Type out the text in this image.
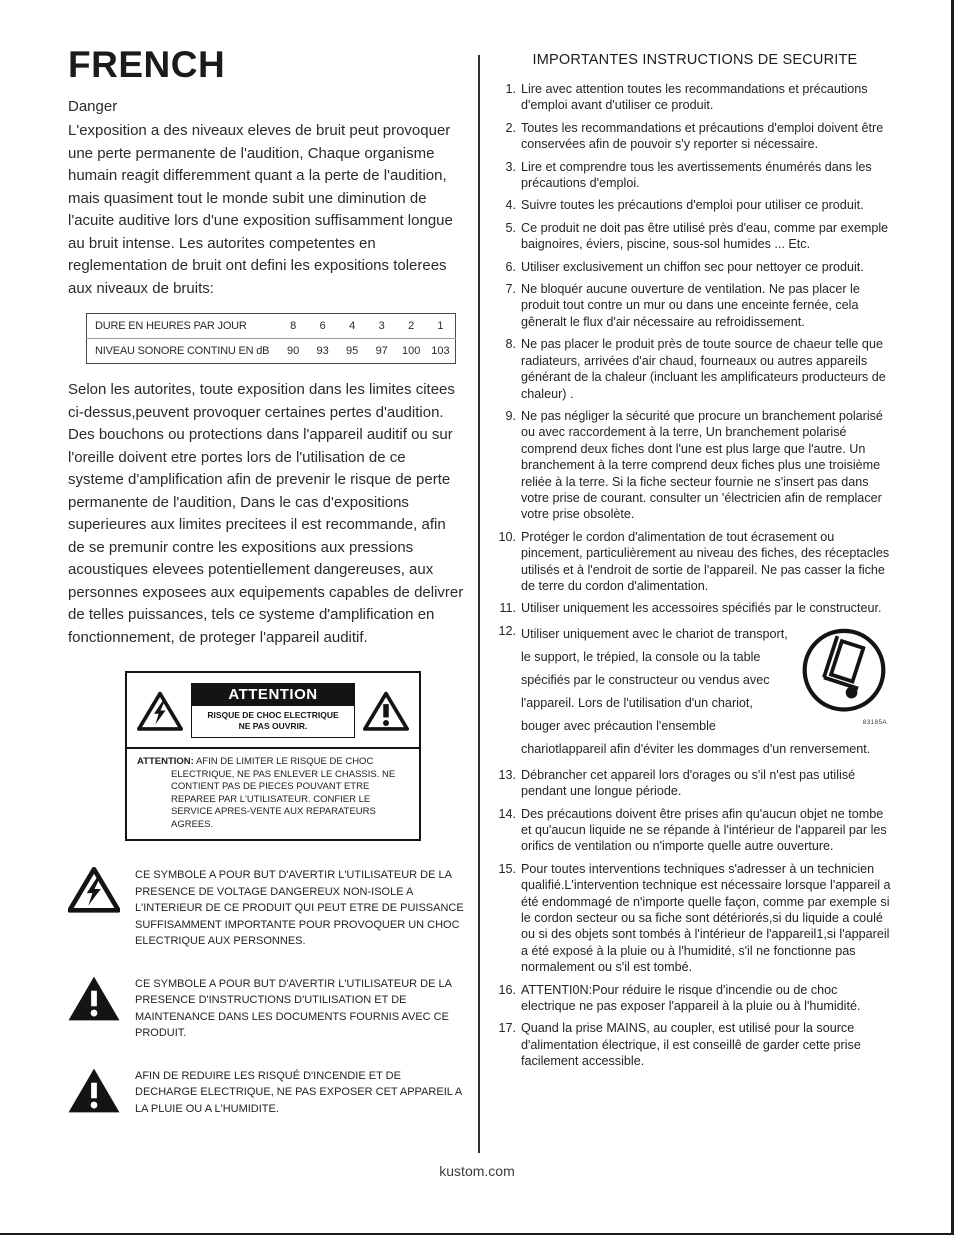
FRENCH
Danger

L'exposition a des niveaux eleves de bruit peut provoquer une perte permanente de l'audition, Chaque organisme humain reagit differemment quant a la perte de l'audition, mais quasiment tout le monde subit une diminution de l'acuite auditive lors d'une exposition suffisamment longue au bruit intense. Les autorites competentes en reglementation de bruit ont defini les expositions tolerees aux niveaux de bruits:

DURE EN HEURES PAR JOUR	8	6	4	3	2	1
NIVEAU SONORE CONTINU EN dB	90	93	95	97	100	103

Selon les autorites, toute exposition dans les limites citees ci-dessus,peuvent provoquer certaines pertes d'audition. Des bouchons ou protections dans l'appareil auditif ou sur l'oreille doivent etre portes lors de l'utilisation de ce systeme d'amplification afin de prevenir le risque de perte permanente de l'audition, Dans le cas d'expositions superieures aux limites precitees il est recommande, afin de se premunir contre les expositions aux pressions acoustiques elevees potentiellement dangereuses, aux personnes exposees aux equipements capables de delivrer de telles puissances, tels ce systeme d'amplification en fonctionnement, de proteger l'appareil auditif.

ATTENTION
RISQUE DE CHOC ELECTRIQUE
NE PAS OUVRIR.
ATTENTION: AFIN DE LIMITER LE RISQUE DE CHOC ELECTRIQUE, NE PAS ENLEVER LE CHASSIS. NE CONTIENT PAS DE PIECES POUVANT ETRE REPAREE PAR L'UTILISATEUR. CONFIER LE SERVICE APRES-VENTE AUX REPARATEURS AGREES.

CE SYMBOLE A POUR BUT D'AVERTIR L'UTILISATEUR DE LA PRESENCE DE VOLTAGE DANGEREUX NON-ISOLE A L'INTERIEUR DE CE PRODUIT QUI PEUT ETRE DE PUISSANCE SUFFISAMMENT IMPORTANTE POUR PROVOQUER UN CHOC ELECTRIQUE AUX PERSONNES.

CE SYMBOLE A POUR BUT D'AVERTIR L'UTILISATEUR DE LA PRESENCE D'INSTRUCTIONS D'UTILISATION ET DE MAINTENANCE DANS LES DOCUMENTS FOURNIS AVEC CE PRODUIT.

AFIN DE REDUIRE LES RISQUÉ D'INCENDIE ET DE DECHARGE ELECTRIQUE, NE PAS EXPOSER CET APPAREIL A LA PLUIE OU A L'HUMIDITE.

IMPORTANTES INSTRUCTIONS DE SECURITE
1. Lire avec attention toutes les recommandations et précautions d'emploi avant d'utiliser ce produit.
2. Toutes les recommandations et précautions d'emploi doivent être conservées afin de pouvoir s'y reporter si nécessaire.
3. Lire et comprendre tous les avertissements énumérés dans les précautions d'emploi.
4. Suivre toutes les précautions d'emploi pour utiliser ce produit.
5. Ce produit ne doit pas être utilisé près d'eau, comme par exemple baignoires, éviers, piscine, sous-sol humides ... Etc.
6. Utiliser exclusivement un chiffon sec pour nettoyer ce produit.
7. Ne bloquér aucune ouverture de ventilation. Ne pas placer le produit tout contre un mur ou dans une enceinte fernée, cela gêneralt le flux d'air nécessaire au refroidissement.
8. Ne pas placer le produit près de toute source de chaeur telle que radiateurs, arrivées d'air chaud, fourneaux ou autres appareils générant de la chaleur (incluant les amplificateurs producteurs de chaleur) .
9. Ne pas négliger la sécurité que procure un branchement polarisé ou avec raccordement à la terre, Un branchement polarisé comprend deux fiches dont l'une est plus large que l'autre. Un branchement à la terre comprend deux fiches plus une troisième reliée à la terre. Si la fiche secteur fournie ne s'insert pas dans votre prise de courant. consulter un 'électricien afin de remplacer votre prise obsolète.
10. Protéger le cordon d'alimentation de tout écrasement ou pincement, particulièrement au niveau des fiches, des réceptacles utilisés et à l'endroit de sortie de l'appareil. Ne pas casser la fiche de terre du cordon d'alimentation.
11. Utiliser uniquement les accessoires spécifiés par le constructeur.
12.
83185A
Utiliser uniquement avec le chariot de transport, le support, le trépied, la console ou la table spécifiés par le constructeur ou vendus avec l'appareil. Lors de l'utilisation d'un chariot, bouger avec précaution l'ensemble chariotlappareil afin d'éviter les dommages d'un renversement.
13. Débrancher cet appareil lors d'orages ou s'il n'est pas utilisé pendant une longue période.
14. Des précautions doivent être prises afin qu'aucun objet ne tombe et qu'aucun liquide ne se répande à l'intérieur de l'appareil par les orifics de ventilation ou n'importe quelle autre ouverture.
15. Pour toutes interventions techniques s'adresser à un technicien qualifié.L'intervention technique est nécessaire lorsque l'appareil a été endommagé de n'importe quelle façon, comme par exemple si le cordon secteur ou sa fiche sont détériorés,si du liquide a coulé ou si des objets sont tombés à l'intérieur de l'appareil1,si l'appareil a été exposé à la pluie ou à l'humidité, s'il ne fonctionne pas normalement ou s'il est tombé.
16. ATTENTI0N:Pour réduire le risque d'incendie ou de choc electrique ne pas exposer l'appareil à la pluie ou à l'humidité.
17. Quand la prise MAINS, au coupler, est utilisé pour la source d'alimentation électrique, il est conseillê de garder cette prise facilement accessible.
kustom.com
